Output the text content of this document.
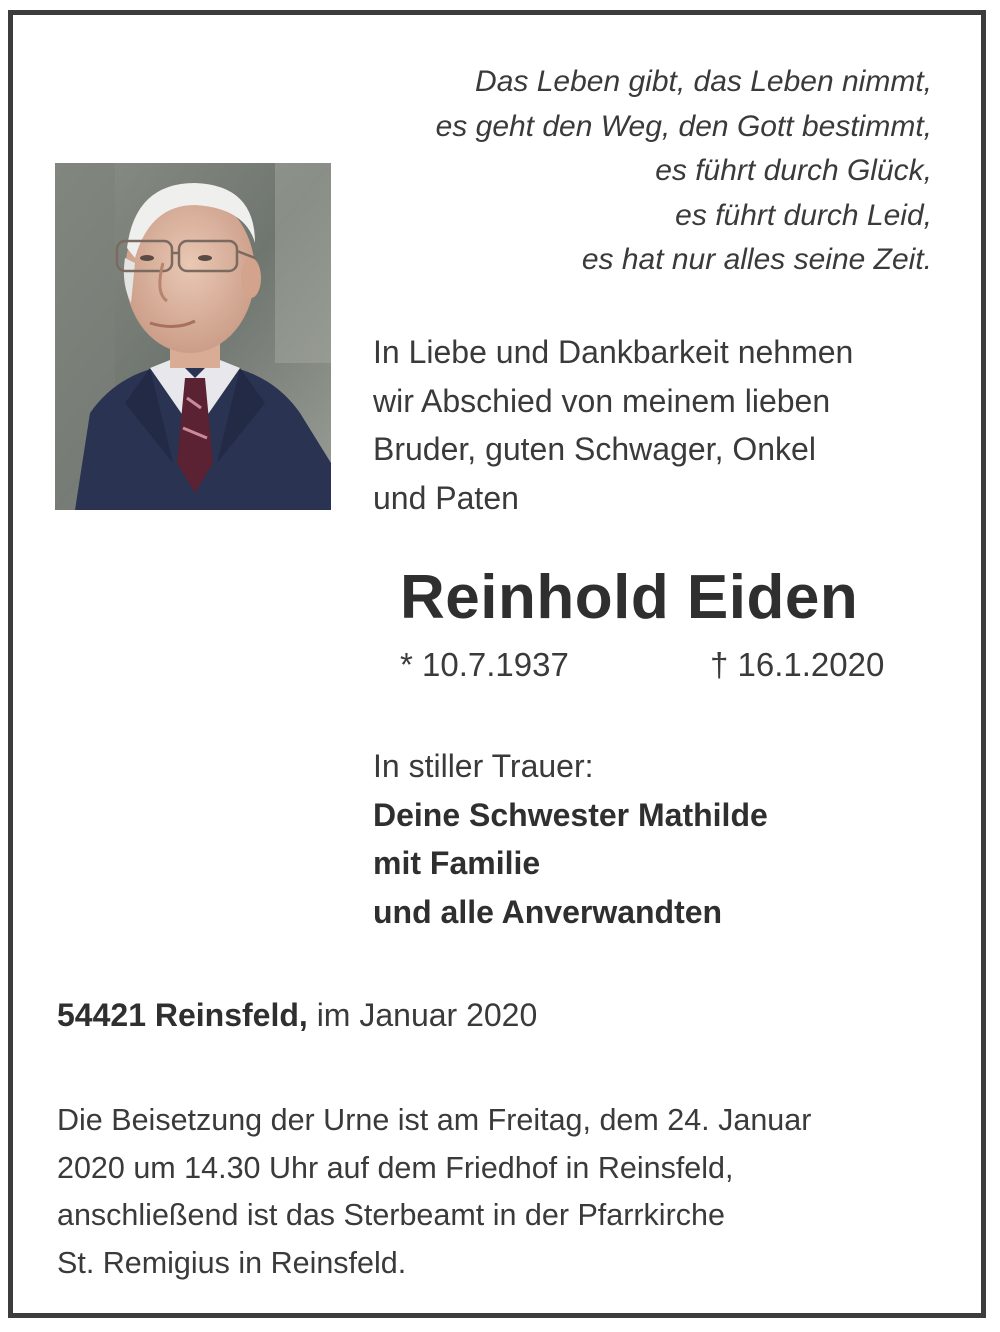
Das Leben gibt, das Leben nimmt,
es geht den Weg, den Gott bestimmt,
es führt durch Glück,
es führt durch Leid,
es hat nur alles seine Zeit.
In Liebe und Dankbarkeit nehmen
wir Abschied von meinem lieben
Bruder, guten Schwager, Onkel
und Paten
Reinhold Eiden
* 10.7.1937	† 16.1.2020
In stiller Trauer:
Deine Schwester Mathilde
mit Familie
und alle Anverwandten
54421 Reinsfeld, im Januar 2020
Die Beisetzung der Urne ist am Freitag, dem 24. Januar
2020 um 14.30 Uhr auf dem Friedhof in Reinsfeld,
anschließend ist das Sterbeamt in der Pfarrkirche
St. Remigius in Reinsfeld.
